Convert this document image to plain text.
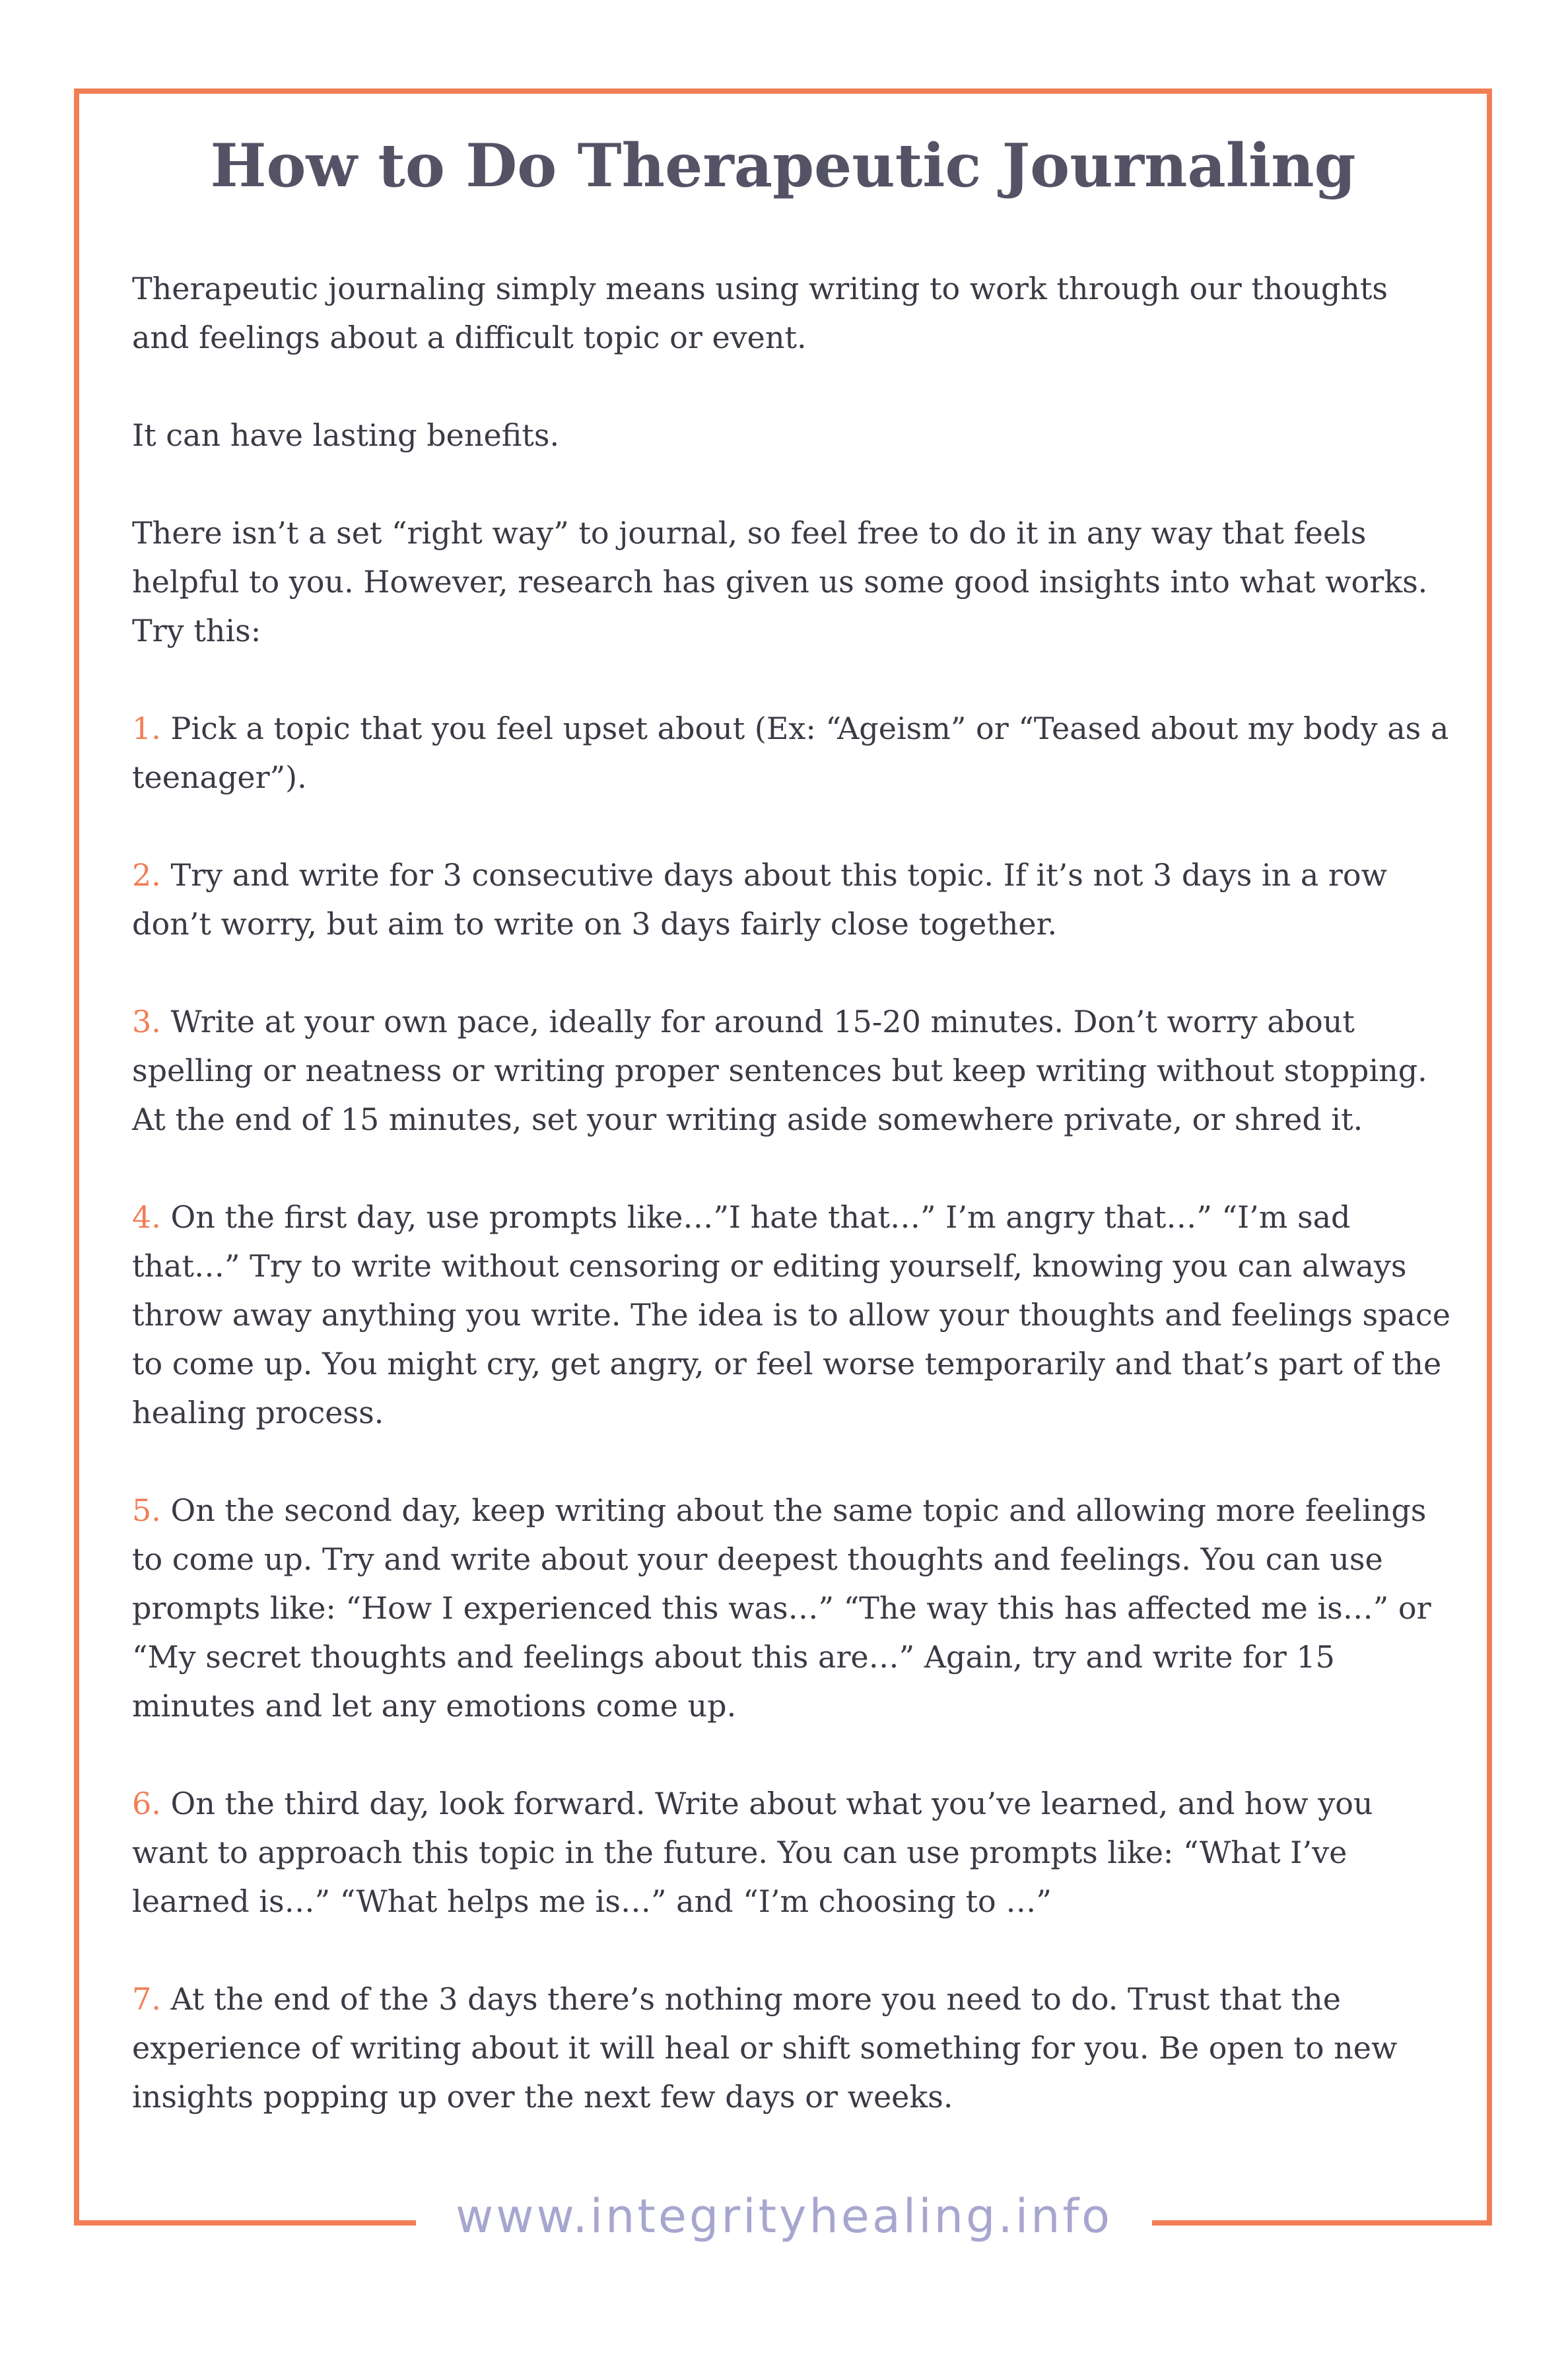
How to Do Therapeutic Journaling

Therapeutic journaling simply means using writing to work through our thoughts and feelings about a difficult topic or event.

It can have lasting benefits.

There isn’t a set “right way” to journal, so feel free to do it in any way that feels helpful to you. However, research has given us some good insights into what works. Try this:

1. Pick a topic that you feel upset about (Ex: “Ageism” or “Teased about my body as a teenager”).

2. Try and write for 3 consecutive days about this topic. If it’s not 3 days in a row don’t worry, but aim to write on 3 days fairly close together.

3. Write at your own pace, ideally for around 15-20 minutes. Don’t worry about spelling or neatness or writing proper sentences but keep writing without stopping. At the end of 15 minutes, set your writing aside somewhere private, or shred it.

4. On the first day, use prompts like…”I hate that…” I’m angry that…” “I’m sad that…” Try to write without censoring or editing yourself, knowing you can always throw away anything you write. The idea is to allow your thoughts and feelings space to come up. You might cry, get angry, or feel worse temporarily and that’s part of the healing process.

5. On the second day, keep writing about the same topic and allowing more feelings to come up. Try and write about your deepest thoughts and feelings. You can use prompts like: “How I experienced this was…” “The way this has affected me is…” or “My secret thoughts and feelings about this are…” Again, try and write for 15 minutes and let any emotions come up.

6. On the third day, look forward. Write about what you’ve learned, and how you want to approach this topic in the future. You can use prompts like: “What I’ve learned is…” “What helps me is…” and “I’m choosing to …”

7. At the end of the 3 days there’s nothing more you need to do. Trust that the experience of writing about it will heal or shift something for you. Be open to new insights popping up over the next few days or weeks.

www.integrityhealing.info
